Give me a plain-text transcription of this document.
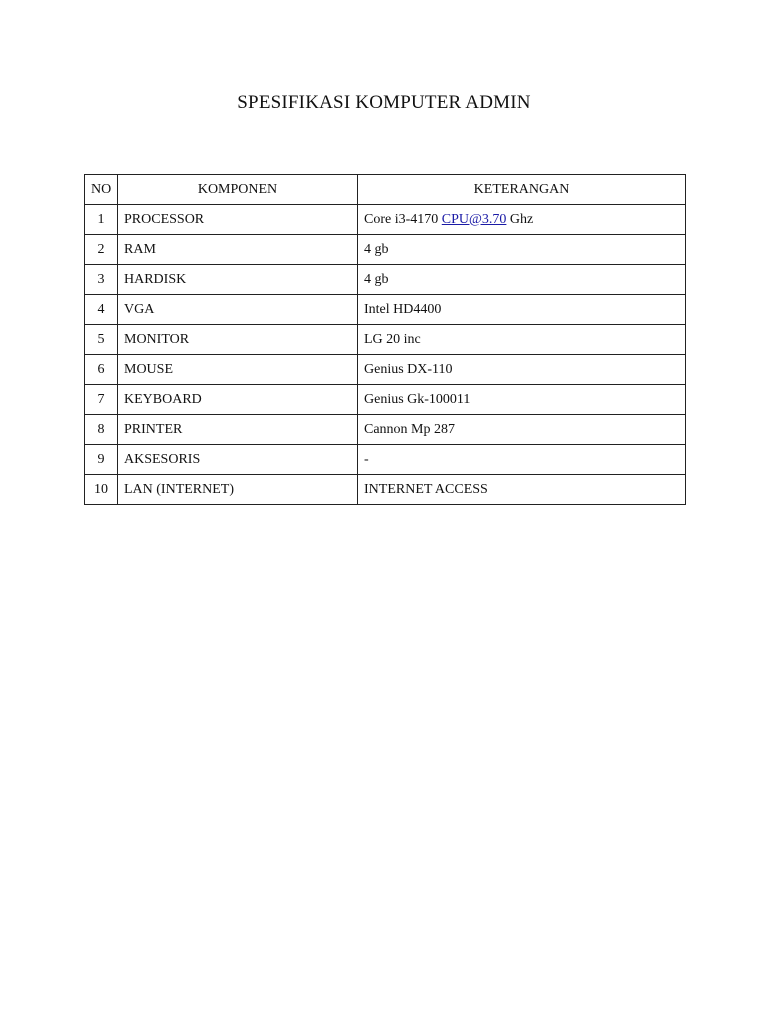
SPESIFIKASI KOMPUTER ADMIN
NO	KOMPONEN	KETERANGAN
1	PROCESSOR	Core i3-4170 CPU@3.70 Ghz
2	RAM	4 gb
3	HARDISK	4 gb
4	VGA	Intel HD4400
5	MONITOR	LG 20 inc
6	MOUSE	Genius DX-110
7	KEYBOARD	Genius Gk-100011
8	PRINTER	Cannon Mp 287
9	AKSESORIS	-
10	LAN (INTERNET)	INTERNET ACCESS
